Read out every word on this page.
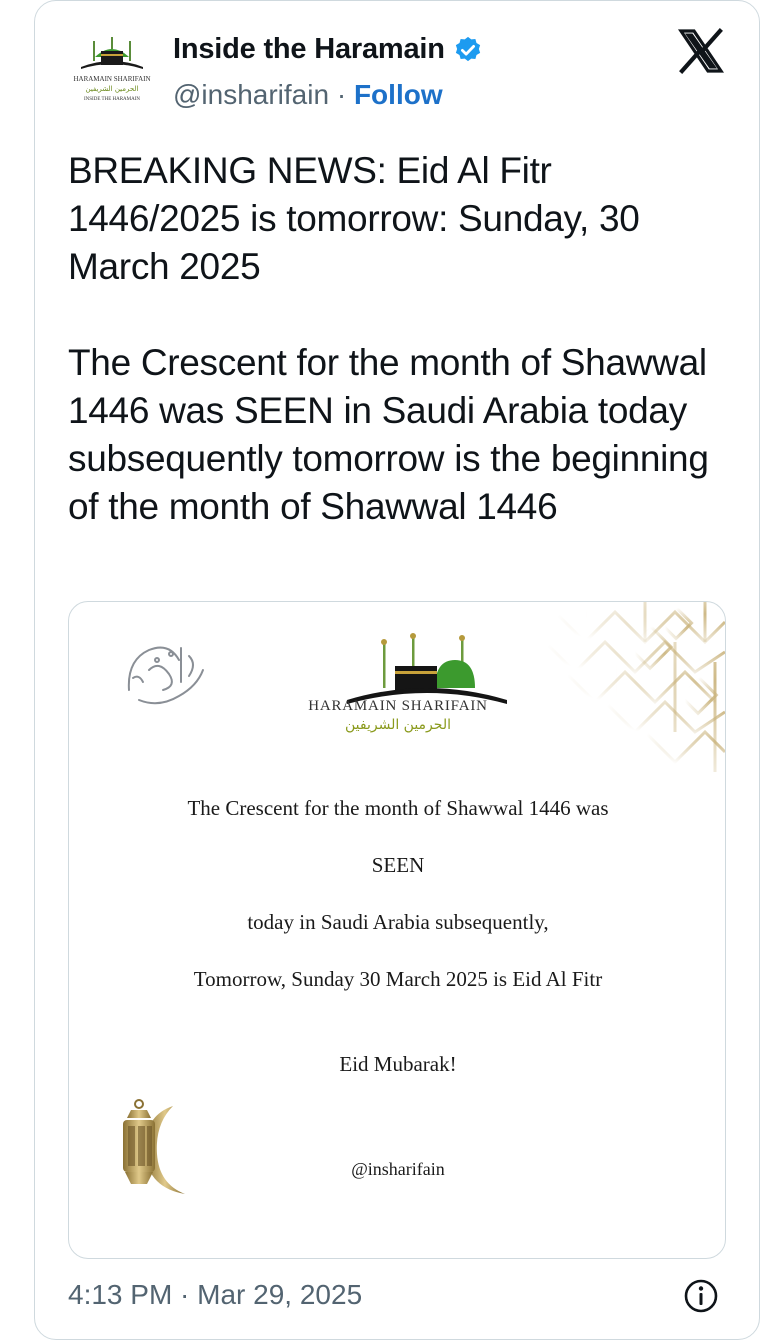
HARAMAIN SHARIFAIN
الحرمين الشريفين
INSIDE THE HARAMAIN
Inside the Haramain
@insharifain · Follow

BREAKING NEWS: Eid Al Fitr 1446/2025 is tomorrow: Sunday, 30 March 2025

The Crescent for the month of Shawwal 1446 was SEEN in Saudi Arabia today subsequently tomorrow is the beginning of the month of Shawwal 1446

HARAMAIN SHARIFAIN
الحرمين الشريفين
The Crescent for the month of Shawwal 1446 was
SEEN
today in Saudi Arabia subsequently,
Tomorrow, Sunday 30 March 2025 is Eid Al Fitr
Eid Mubarak!
@insharifain
4:13 PM · Mar 29, 2025
